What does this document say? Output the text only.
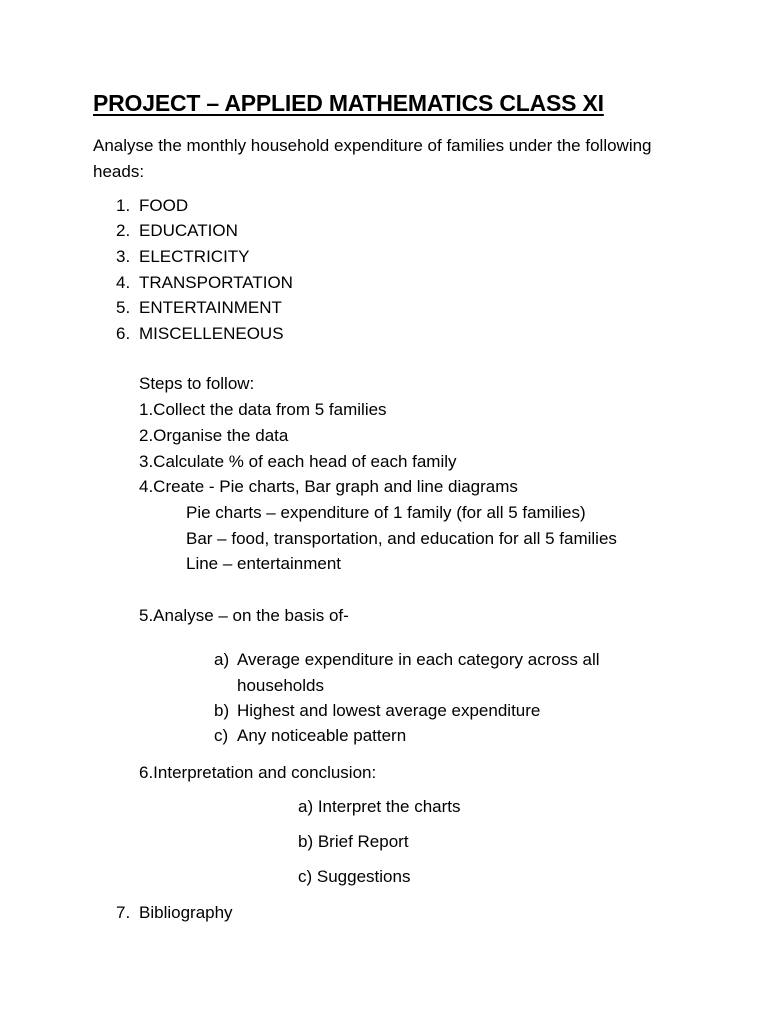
PROJECT – APPLIED MATHEMATICS CLASS XI
Analyse the monthly household expenditure of families under the following heads:
1. FOOD
2. EDUCATION
3. ELECTRICITY
4. TRANSPORTATION
5. ENTERTAINMENT
6. MISCELLENEOUS
Steps to follow:
1.Collect the data from 5 families
2.Organise the data
3.Calculate % of each head of each family
4.Create - Pie charts, Bar graph and line diagrams
Pie charts – expenditure of 1 family (for all 5 families)
Bar – food, transportation, and education for all 5 families
Line – entertainment
5.Analyse – on the basis of-
a) Average expenditure in each category across all
households
b) Highest and lowest average expenditure
c) Any noticeable pattern
6.Interpretation and conclusion:
a) Interpret the charts
b) Brief Report
c) Suggestions
7. Bibliography
